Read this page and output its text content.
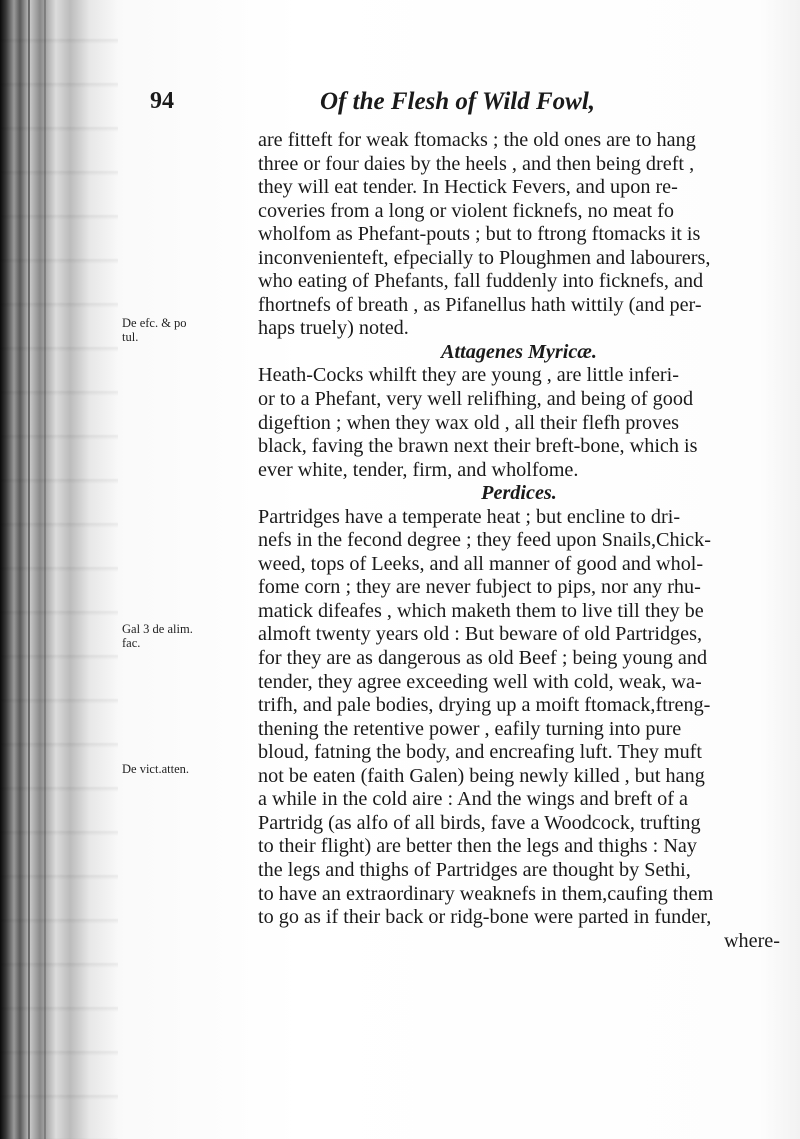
94	Of the Flesh of Wild Fowl,
De efc. & po
tul.
Gal 3 de alim.
fac.
De vict.atten.
are fitteft for weak ftomacks ; the old ones are to hang
three or four daies by the heels , and then being dreft ,
they will eat tender. In Hectick Fevers, and upon re-
coveries from a long or violent ficknefs, no meat fo
wholfom as Phefant-pouts ; but to ftrong ftomacks it is
inconvenienteft, efpecially to Ploughmen and labourers,
who eating of Phefants, fall fuddenly into ficknefs, and
fhortnefs of breath , as Pifanellus hath wittily (and per-
haps truely) noted.
Attagenes Myricæ.
Heath-Cocks whilft they are young , are little inferi-
or to a Phefant, very well relifhing, and being of good
digeftion ; when they wax old , all their flefh proves
black, faving the brawn next their breft-bone, which is
ever white, tender, firm, and wholfome.
Perdices.
Partridges have a temperate heat ; but encline to dri-
nefs in the fecond degree ; they feed upon Snails,Chick-
weed, tops of Leeks, and all manner of good and whol-
fome corn ; they are never fubject to pips, nor any rhu-
matick difeafes , which maketh them to live till they be
almoft twenty years old : But beware of old Partridges,
for they are as dangerous as old Beef ; being young and
tender, they agree exceeding well with cold, weak, wa-
trifh, and pale bodies, drying up a moift ftomack,ftreng-
thening the retentive power , eafily turning into pure
bloud, fatning the body, and encreafing luft. They muft
not be eaten (faith Galen) being newly killed , but hang
a while in the cold aire : And the wings and breft of a
Partridg (as alfo of all birds, fave a Woodcock, trufting
to their flight) are better then the legs and thighs : Nay
the legs and thighs of Partridges are thought by Sethi,
to have an extraordinary weaknefs in them,caufing them
to go as if their back or ridg-bone were parted in funder,
where-
